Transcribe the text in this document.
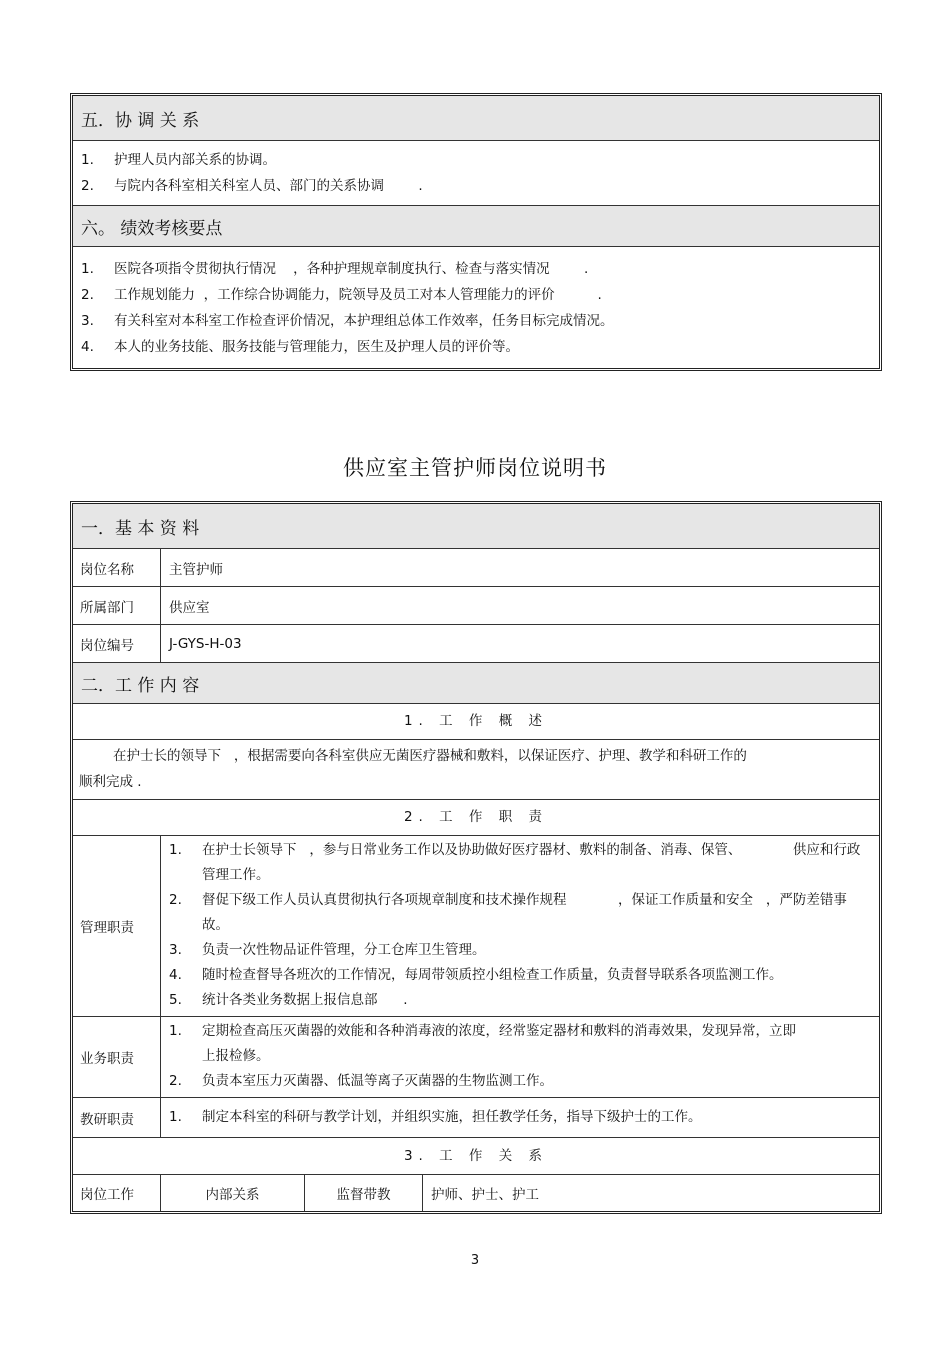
五．协 调 关 系
1.	护理人员内部关系的协调。
2.	与院内各科室相关科室人员、部门的关系协调        .
六。 绩效考核要点
1.	医院各项指令贯彻执行情况    ，各种护理规章制度执行、检查与落实情况        .
2.	工作规划能力  ，工作综合协调能力，院领导及员工对本人管理能力的评价          .
3.	有关科室对本科室工作检查评价情况，本护理组总体工作效率，任务目标完成情况。
4.	本人的业务技能、服务技能与管理能力，医生及护理人员的评价等。
供应室主管护师岗位说明书
一．基 本 资 料
岗位名称	主管护师
所属部门	供应室
岗位编号	J-GYS-H-03
二．工 作 内 容
1. 工 作 概 述
在护士长的领导下   ，根据需要向各科室供应无菌医疗器械和敷料，以保证医疗、护理、教学和科研工作的
顺利完成 .
2. 工 作 职 责
管理职责
1.	在护士长领导下   ，参与日常业务工作以及协助做好医疗器材、敷料的制备、消毒、保管、            供应和行政管理工作。
2.	督促下级工作人员认真贯彻执行各项规章制度和技术操作规程            ，保证工作质量和安全   ，严防差错事故。
3.	负责一次性物品证件管理，分工仓库卫生管理。
4.	随时检查督导各班次的工作情况，每周带领质控小组检查工作质量，负责督导联系各项监测工作。
5.	统计各类业务数据上报信息部      .
业务职责
1.	定期检查高压灭菌器的效能和各种消毒液的浓度，经常鉴定器材和敷料的消毒效果，发现异常，立即上报检修。
2.	负责本室压力灭菌器、低温等离子灭菌器的生物监测工作。
教研职责	1.	制定本科室的科研与教学计划，并组织实施，担任教学任务，指导下级护士的工作。
3. 工 作 关 系
岗位工作	内部关系	监督带教	护师、护士、护工
3
